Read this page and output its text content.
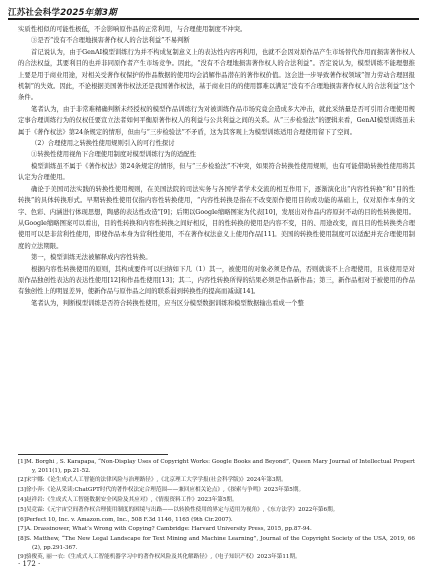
江苏社会科学2025年第3期

实质性相似的可能性极低，不会影响原作品的正常利用，与合理使用制度不冲突。

③是否“没有不合理地损害著作权人的合法利益”不易判断

首记说认为，由于GenAI模型训练行为并不构成复制意义上的表达性内容再利用，也就不会因对原作品产生市场替代作用而损害著作权人的合法权益，其要利目的也并非同原作者产生市场竞争。因此，“没有不合理地损害著作权人的合法利益”。否定说认为，模型训练不能理想推上要是用于商业用途，对相关受著作权保护的作品数据的使用均会消解作品潜在的著作权价值。这会进一步导致著作权领域“智力劳动合理回报机制”的失效。因此，不论根据美国著作权法还是我国著作权法，基于商业目的的使用都难以满足“没有不合理地损害著作权人的合法利益”这个条件。

笔者认为，由于非常难精确判断未经授权的模型作品训练行为对被训练作品市场究竟会造成多大冲击，就此采纳量是否可引用合理使用规定事合理训练行为的仅权任要宣立法者如何平衡原著作权人的利益与公共利益之间的关系。从“三步检验法”的逻辑来看，GenAI模型训练虽未属于《著作权法》第24条规定的情形，但由与“三步检验法”不矛盾，这为其客观上为模型训练适用合理使用留下了空间。

（2）合理使用之转换性使用规则引入的可行性探讨

①转换性使用视角下合理使用制度对模型训练行为的适配性

模型训练虽不属于《著作权法》第24条规定的情形，但与“三步检验法”不冲突，如果符合转换性使用规则，也有可能借助转换性使用将其认定为合理使用。

确论于美国司法实践的转换性使用规则，在美国法院的司法实务与各国学者学术交流的相互作用下，逐渐演化出“内容性转换”和“目的性转换”的具体转换形式。早期转换性使用仅指内容性转换使用，“内容性转换是指在不改变原作使用目的或功能的基础上，仅对原作本身的文字、色彩、内涵进行体现思想，陶感的表达性改造”[9]；后期以Google缩略图案为代表[10]，发展出对作品内容原封不动的目的性转换使用。从Google缩略图案可以看出，目的性转换和内容性转换之间好相反，目的性转换的使用是内容不变，目的、用途改变，而且目的性转换类合理使用可以是非营利性使用，即使作品本身为营利性使用，不在著作权法意义上使用作品[11]。美国的转换性使用制度可以适配并充合理使用制度的立法期限。

第一，模型训练无法被解释成内容性转换。

根据内容性转换使用的原则，其构成要件可以归纳如下几（1）其一，被使用的对象必须是作品，否则就谈不上合理使用，且该使用是对原作品独创性表达的表达性使用[12]和作品性使用[13]；其二，内容性转换所得的结果必须是作品新作品；第三，新作品相对于被使用的作品有独创性上的明显差异，使新作品与原作品之间的联系弱到转换性的提高而减弱[14]。

笔者认为，判断模型训练是否符合转换性使用，应当区分模型数据训练和模型数据输出看成一个整

[1]M. Borghi , S. Karapapa, “Non-Display Uses of Copyright Works: Google Books and Beyond”, Queen Mary Journal of Intellectual Property, 2011(1), pp.21-52.

[2]宋宇娜:《论生成式人工智能的法律风险与治理路径》,《北京理工大学学报(社会科学版)》2024年第3期。

[3]徐小奔:《论从采读:ChatGPT时代的著作权法定合理范围——兼回应相关论点》,《探索与争鸣》2023年第5期。

[4]赵祥岩:《生成式人工智能数据安全风险及其应对》,《情报资料工作》2023年第5期。

[5]吴竞霖:《元宇宙空间著作权合理使用制度的困境与出路——以转换性使用的界定与适用为视角》,《东方法学》2022年第6期。

[6]Perfect 10, Inc. v. Amazon.com, Inc., 508 F.3d 1146, 1165 (9th Cir.2007).

[7]A. Drassinower, What’s Wrong with Copying? Cambridge: Harvard University Press, 2015, pp.87-94.

[8]S. Matthew, “The New Legal Landscape for Text Mining and Machine Learning”, Journal of the Copyright Society of the USA, 2019, 66(2), pp.291-367.

[9]骆俊英, 丽一衣:《生成式人工智能机器学习中的著作权风险及其化解路径》,《电子知识产权》2023年第11期。

· 172 ·
